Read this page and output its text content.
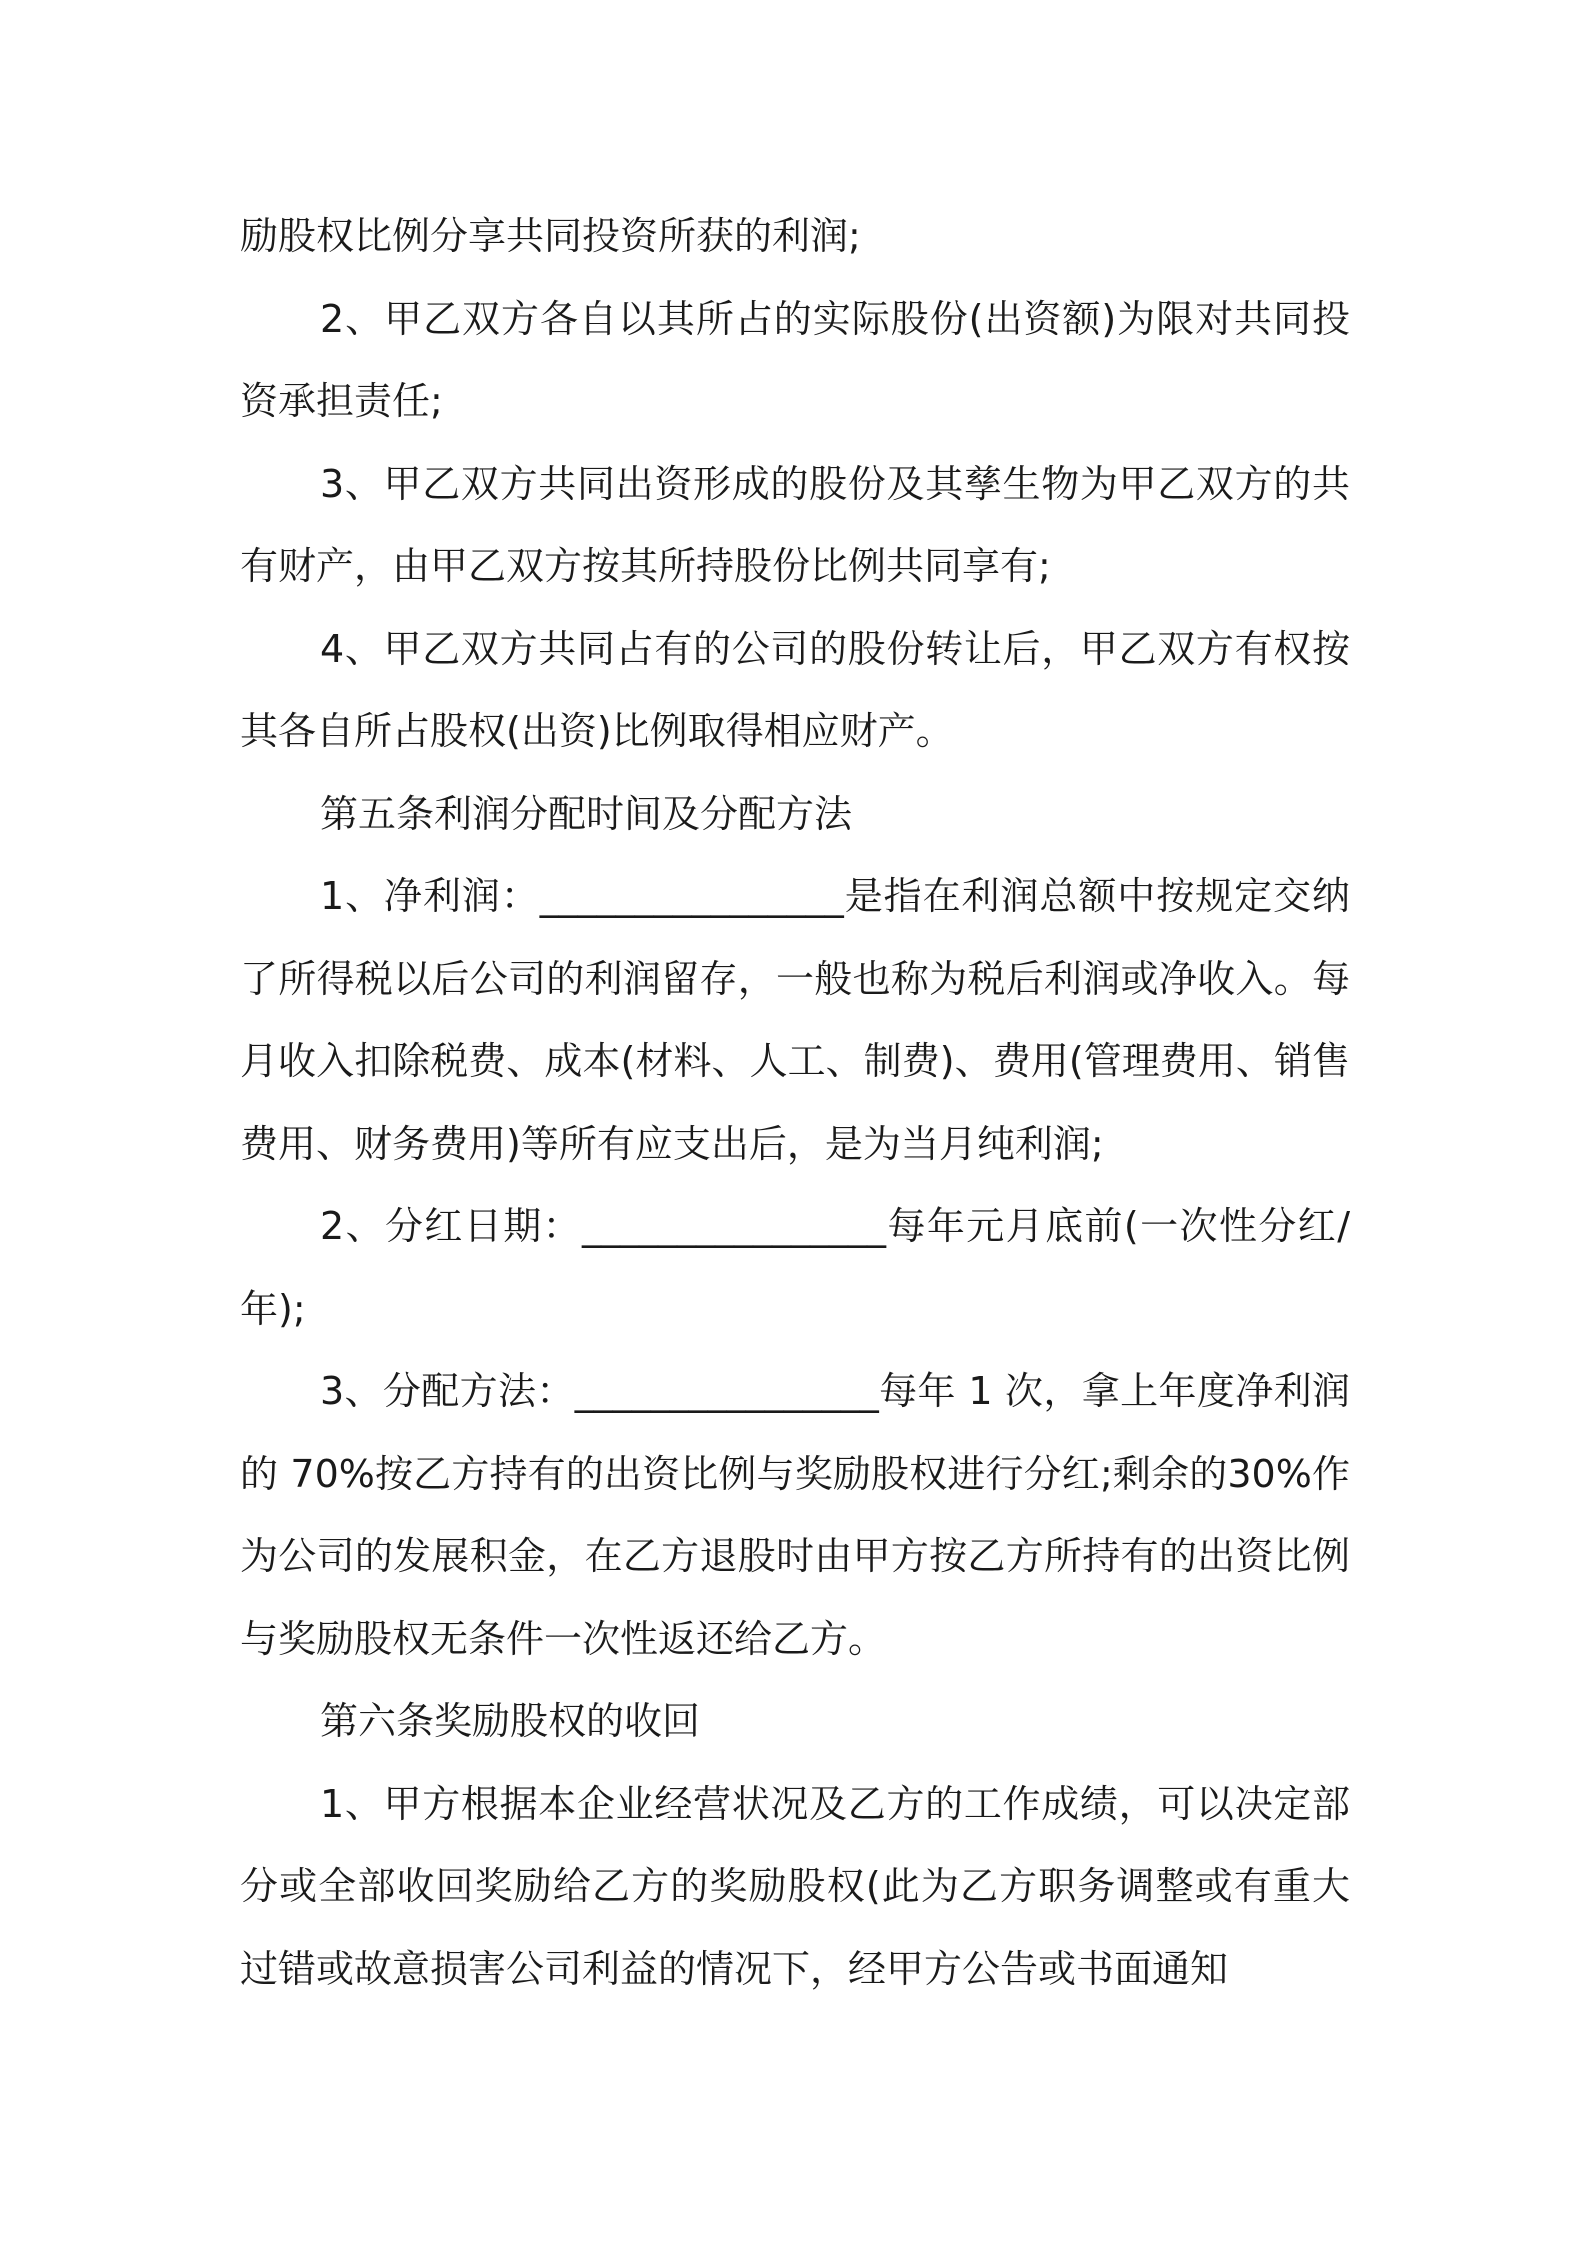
励股权比例分享共同投资所获的利润;

2、甲乙双方各自以其所占的实际股份(出资额)为限对共同投资承担责任;

3、甲乙双方共同出资形成的股份及其孳生物为甲乙双方的共有财产，由甲乙双方按其所持股份比例共同享有;

4、甲乙双方共同占有的公司的股份转让后，甲乙双方有权按其各自所占股权(出资)比例取得相应财产。

第五条利润分配时间及分配方法

1、净利润：________________是指在利润总额中按规定交纳了所得税以后公司的利润留存，一般也称为税后利润或净收入。每月收入扣除税费、成本(材料、人工、制费)、费用(管理费用、销售费用、财务费用)等所有应支出后，是为当月纯利润;

2、分红日期：________________每年元月底前(一次性分红/年);

3、分配方法：________________每年 1 次，拿上年度净利润的 70%按乙方持有的出资比例与奖励股权进行分红;剩余的30%作为公司的发展积金，在乙方退股时由甲方按乙方所持有的出资比例与奖励股权无条件一次性返还给乙方。

第六条奖励股权的收回

1、甲方根据本企业经营状况及乙方的工作成绩，可以决定部分或全部收回奖励给乙方的奖励股权(此为乙方职务调整或有重大过错或故意损害公司利益的情况下，经甲方公告或书面通知
